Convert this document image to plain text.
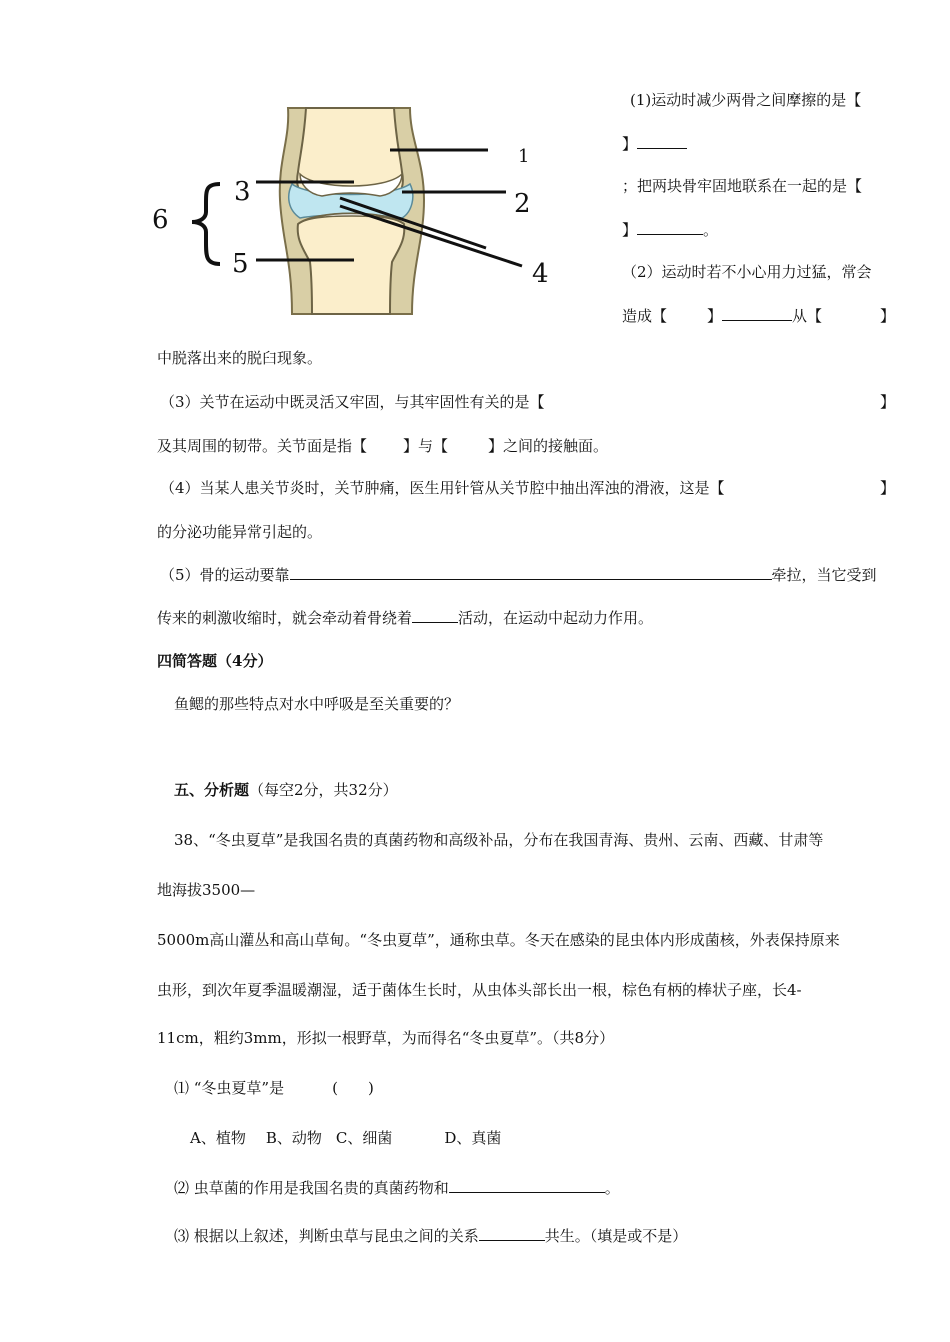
1
2
3
4
5
6
(1)运动时减少两骨之间摩擦的是【
】
；把两块骨牢固地联系在一起的是【
】	。
（2）运动时若不小心用力过猛，常会
造成【	】	从【	】
中脱落出来的脱臼现象。
（3）关节在运动中既灵活又牢固，与其牢固性有关的是【	】
及其周围的韧带。关节面是指【 】与【	】之间的接触面。
（4）当某人患关节炎时，关节肿痛，医生用针管从关节腔中抽出浑浊的滑液，这是【	】
的分泌功能异常引起的。
（5）骨的运动要靠	牵拉，当它受到
传来的刺激收缩时，就会牵动着骨绕着	活动，在运动中起动力作用。
四简答题（4分）
鱼鳃的那些特点对水中呼吸是至关重要的？
五、分析题（每空2分，共32分）
38、“冬虫夏草”是我国名贵的真菌药物和高级补品，分布在我国青海、贵州、云南、西藏、甘肃等
地海拔3500—
5000m高山灌丛和高山草甸。“冬虫夏草”，通称虫草。冬天在感染的昆虫体内形成菌核，外表保持原来
虫形，到次年夏季温暖潮湿，适于菌体生长时，从虫体头部长出一根，棕色有柄的棒状子座，长4-
11cm，粗约3mm，形拟一根野草，为而得名“冬虫夏草”。（共8分）
⑴ “冬虫夏草”是	(　　)
A、植物 B、动物 C、细菌	D、真菌
⑵ 虫草菌的作用是我国名贵的真菌药物和	。
⑶ 根据以上叙述，判断虫草与昆虫之间的关系	共生。（填是或不是）
